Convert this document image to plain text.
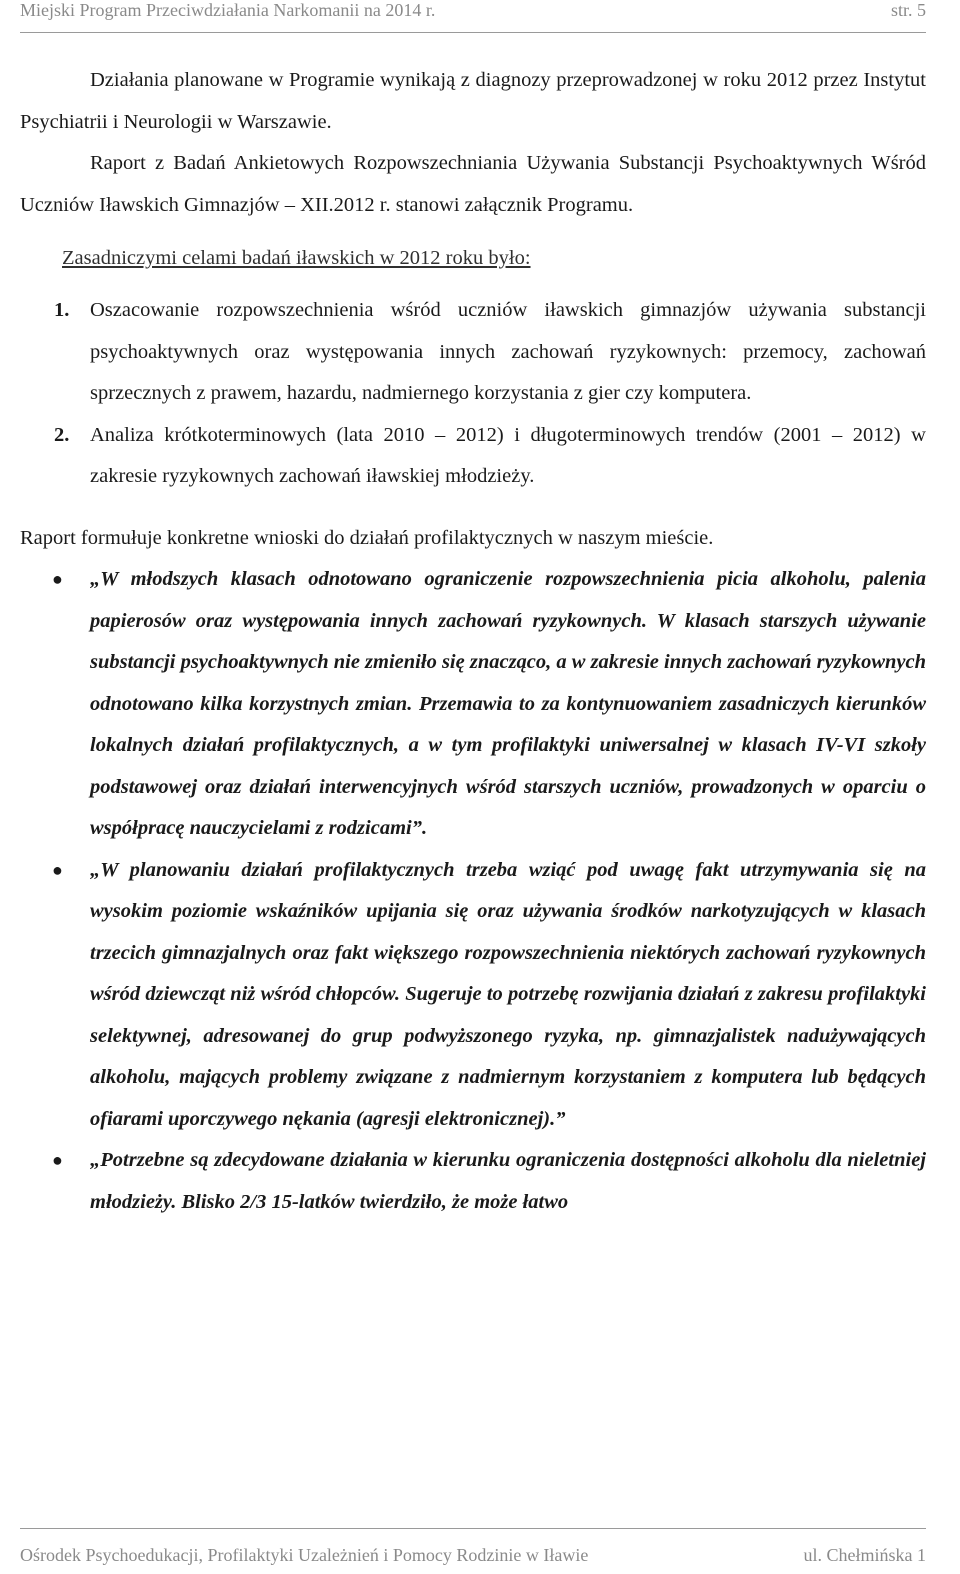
Miejski Program Przeciwdziałania Narkomanii na 2014 r.	str. 5

Działania planowane w Programie wynikają z diagnozy przeprowadzonej w roku 2012 przez Instytut Psychiatrii i Neurologii w Warszawie.

Raport z Badań Ankietowych Rozpowszechniania Używania Substancji Psychoaktywnych Wśród Uczniów Iławskich Gimnazjów – XII.2012 r. stanowi załącznik Programu.

Zasadniczymi celami badań iławskich w 2012 roku było:

1. Oszacowanie rozpowszechnienia wśród uczniów iławskich gimnazjów używania substancji psychoaktywnych oraz występowania innych zachowań ryzykownych: przemocy, zachowań sprzecznych z prawem, hazardu, nadmiernego korzystania z gier czy komputera.
2. Analiza krótkoterminowych (lata 2010 – 2012) i długoterminowych trendów (2001 – 2012) w zakresie ryzykownych zachowań iławskiej młodzieży.

Raport formułuje konkretne wnioski do działań profilaktycznych w naszym mieście.

● „W młodszych klasach odnotowano ograniczenie rozpowszechnienia picia alkoholu, palenia papierosów oraz występowania innych zachowań ryzykownych. W klasach starszych używanie substancji psychoaktywnych nie zmieniło się znacząco, a w zakresie innych zachowań ryzykownych odnotowano kilka korzystnych zmian. Przemawia to za kontynuowaniem zasadniczych kierunków lokalnych działań profilaktycznych, a w tym profilaktyki uniwersalnej w klasach IV-VI szkoły podstawowej oraz działań interwencyjnych wśród starszych uczniów, prowadzonych w oparciu o współpracę nauczycielami z rodzicami”.
● „W planowaniu działań profilaktycznych trzeba wziąć pod uwagę fakt utrzymywania się na wysokim poziomie wskaźników upijania się oraz używania środków narkotyzujących w klasach trzecich gimnazjalnych oraz fakt większego rozpowszechnienia niektórych zachowań ryzykownych wśród dziewcząt niż wśród chłopców. Sugeruje to potrzebę rozwijania działań z zakresu profilaktyki selektywnej, adresowanej do grup podwyższonego ryzyka, np. gimnazjalistek nadużywających alkoholu, mających problemy związane z nadmiernym korzystaniem z komputera lub będących ofiarami uporczywego nękania (agresji elektronicznej).”
● „Potrzebne są zdecydowane działania w kierunku ograniczenia dostępności alkoholu dla nieletniej młodzieży. Blisko 2/3 15-latków twierdziło, że może łatwo
Ośrodek Psychoedukacji, Profilaktyki Uzależnień i Pomocy Rodzinie w Iławie	ul. Chełmińska 1
